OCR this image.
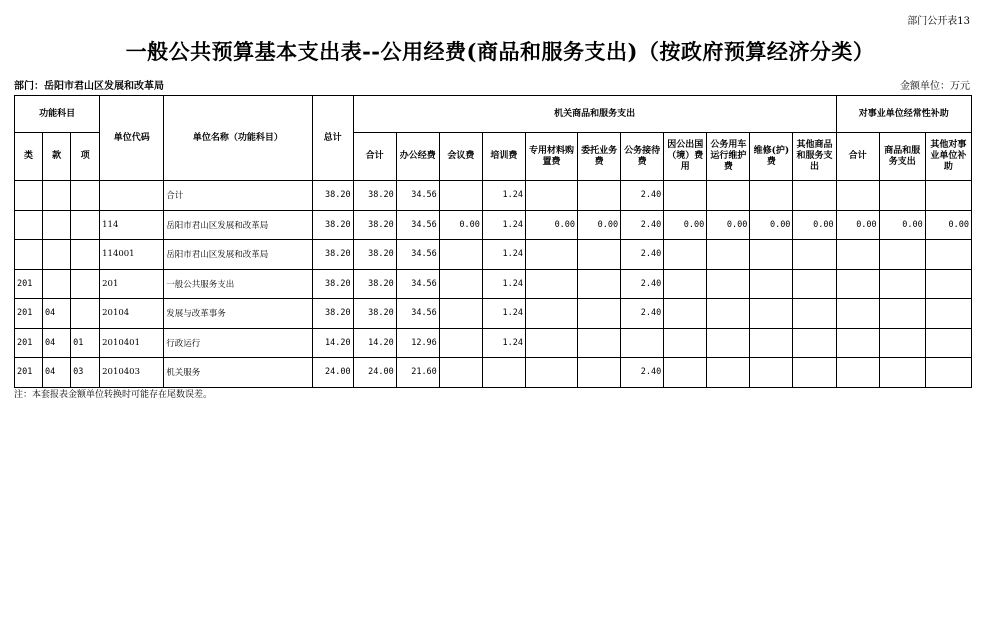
部门公开表13
一般公共预算基本支出表--公用经费(商品和服务支出)（按政府预算经济分类）
部门：岳阳市君山区发展和改革局	金额单位：万元
功能科目			单位代码	单位名称（功能科目）	总计	机关商品和服务支出											对事业单位经常性补助		
类	款	项				合计	办公经费	会议费	培训费	专用材料购置费	委托业务费	公务接待费	因公出国（境）费用	公务用车运行维护费	维修(护)费	其他商品和服务支出	合计	商品和服务支出	其他对事业单位补助
				合计	38.20	38.20	34.56		1.24			2.40							
			114	岳阳市君山区发展和改革局	38.20	38.20	34.56	0.00	1.24	0.00	0.00	2.40	0.00	0.00	0.00	0.00	0.00	0.00	0.00
			114001	岳阳市君山区发展和改革局	38.20	38.20	34.56		1.24			2.40							
201			201	一般公共服务支出	38.20	38.20	34.56		1.24			2.40							
201	04		20104	发展与改革事务	38.20	38.20	34.56		1.24			2.40							
201	04	01	2010401	行政运行	14.20	14.20	12.96		1.24										
201	04	03	2010403	机关服务	24.00	24.00	21.60					2.40							
注：本套报表金额单位转换时可能存在尾数误差。
